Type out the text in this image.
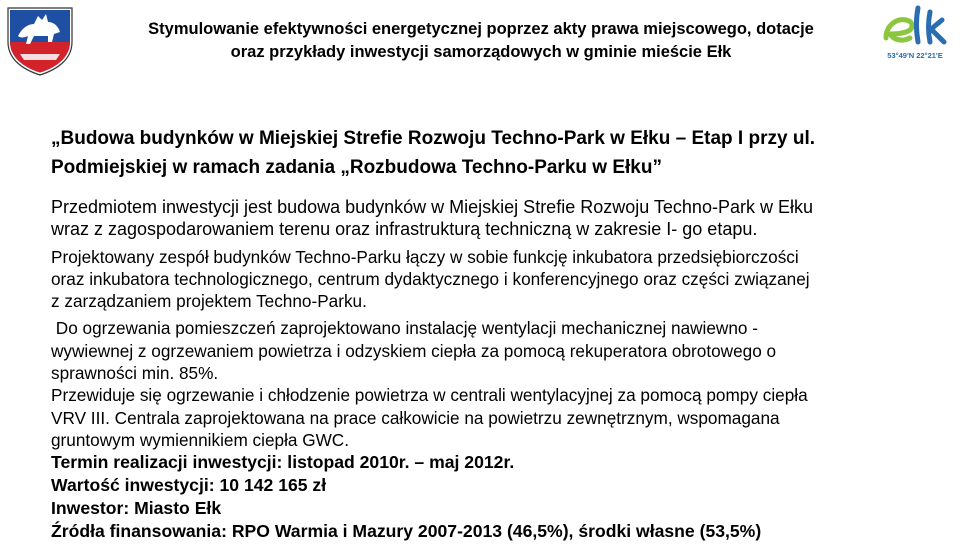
Stymulowanie efektywności energetycznej poprzez akty prawa miejscowego, dotacje
oraz przykłady inwestycji samorządowych w gminie mieście Ełk	53°49'N 22°21'E
„Budowa budynków w Miejskiej Strefie Rozwoju Techno-Park w Ełku – Etap I przy ul.
Podmiejskiej w ramach zadania „Rozbudowa Techno-Parku w Ełku”
Przedmiotem inwestycji jest budowa budynków w Miejskiej Strefie Rozwoju Techno-Park w Ełku
wraz z zagospodarowaniem terenu oraz infrastrukturą techniczną w zakresie I- go etapu.
Projektowany zespół budynków Techno-Parku łączy w sobie funkcję inkubatora przedsiębiorczości
oraz inkubatora technologicznego, centrum dydaktycznego i konferencyjnego oraz części związanej
z zarządzaniem projektem Techno-Parku.
Do ogrzewania pomieszczeń zaprojektowano instalację wentylacji mechanicznej nawiewno -
wywiewnej z ogrzewaniem powietrza i odzyskiem ciepła za pomocą rekuperatora obrotowego o
sprawności min. 85%.
Przewiduje się ogrzewanie i chłodzenie powietrza w centrali wentylacyjnej za pomocą pompy ciepła
VRV III. Centrala zaprojektowana na prace całkowicie na powietrzu zewnętrznym, wspomagana
gruntowym wymiennikiem ciepła GWC.
Termin realizacji inwestycji: listopad 2010r. – maj 2012r.
Wartość inwestycji: 10 142 165 zł
Inwestor: Miasto Ełk
Źródła finansowania: RPO Warmia i Mazury 2007-2013 (46,5%), środki własne (53,5%)
